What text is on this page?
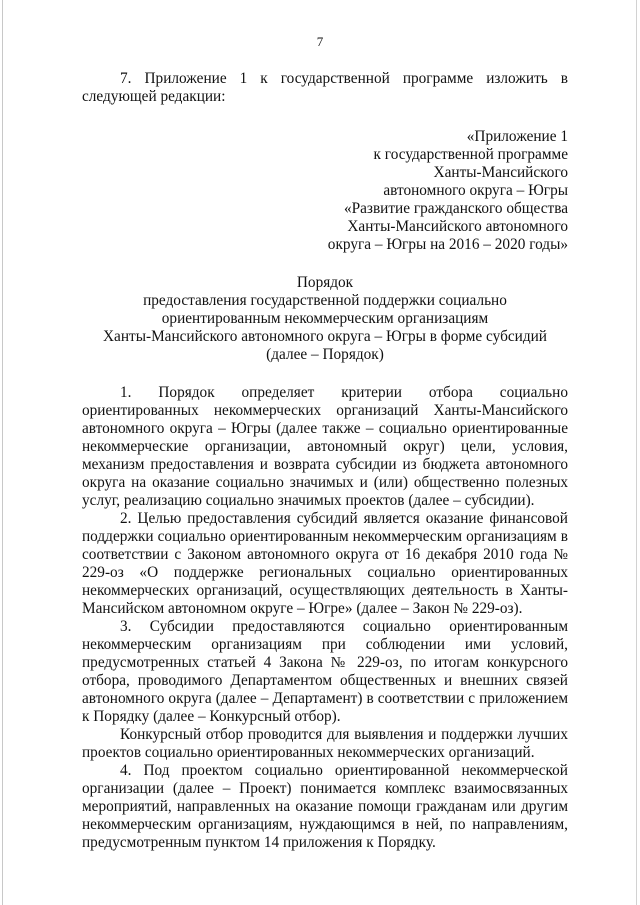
7

7. Приложение 1 к государственной программе изложить в следующей редакции:

«Приложение 1
к государственной программе
Ханты-Мансийского
автономного округа – Югры
«Развитие гражданского общества
Ханты-Мансийского автономного
округа – Югры на 2016 – 2020 годы»
Порядок
предоставления государственной поддержки социально
ориентированным некоммерческим организациям
Ханты-Мансийского автономного округа – Югры в форме субсидий
(далее – Порядок)

1. Порядок определяет критерии отбора социально ориентированных некоммерческих организаций Ханты-Мансийского автономного округа – Югры (далее также – социально ориентированные некоммерческие организации, автономный округ) цели, условия, механизм предоставления и возврата субсидии из бюджета автономного округа на оказание социально значимых и (или) общественно полезных услуг, реализацию социально значимых проектов (далее – субсидии).

2. Целью предоставления субсидий является оказание финансовой поддержки социально ориентированным некоммерческим организациям в соответствии с Законом автономного округа от 16 декабря 2010 года № 229-оз «О поддержке региональных социально ориентированных некоммерческих организаций, осуществляющих деятельность в Ханты-Мансийском автономном округе – Югре» (далее – Закон № 229-оз).

3. Субсидии предоставляются социально ориентированным некоммерческим организациям при соблюдении ими условий, предусмотренных статьей 4 Закона № 229-оз, по итогам конкурсного отбора, проводимого Департаментом общественных и внешних связей автономного округа (далее – Департамент) в соответствии с приложением к Порядку (далее – Конкурсный отбор).

Конкурсный отбор проводится для выявления и поддержки лучших проектов социально ориентированных некоммерческих организаций.

4. Под проектом социально ориентированной некоммерческой организации (далее – Проект) понимается комплекс взаимосвязанных мероприятий, направленных на оказание помощи гражданам или другим некоммерческим организациям, нуждающимся в ней, по направлениям, предусмотренным пунктом 14 приложения к Порядку.
